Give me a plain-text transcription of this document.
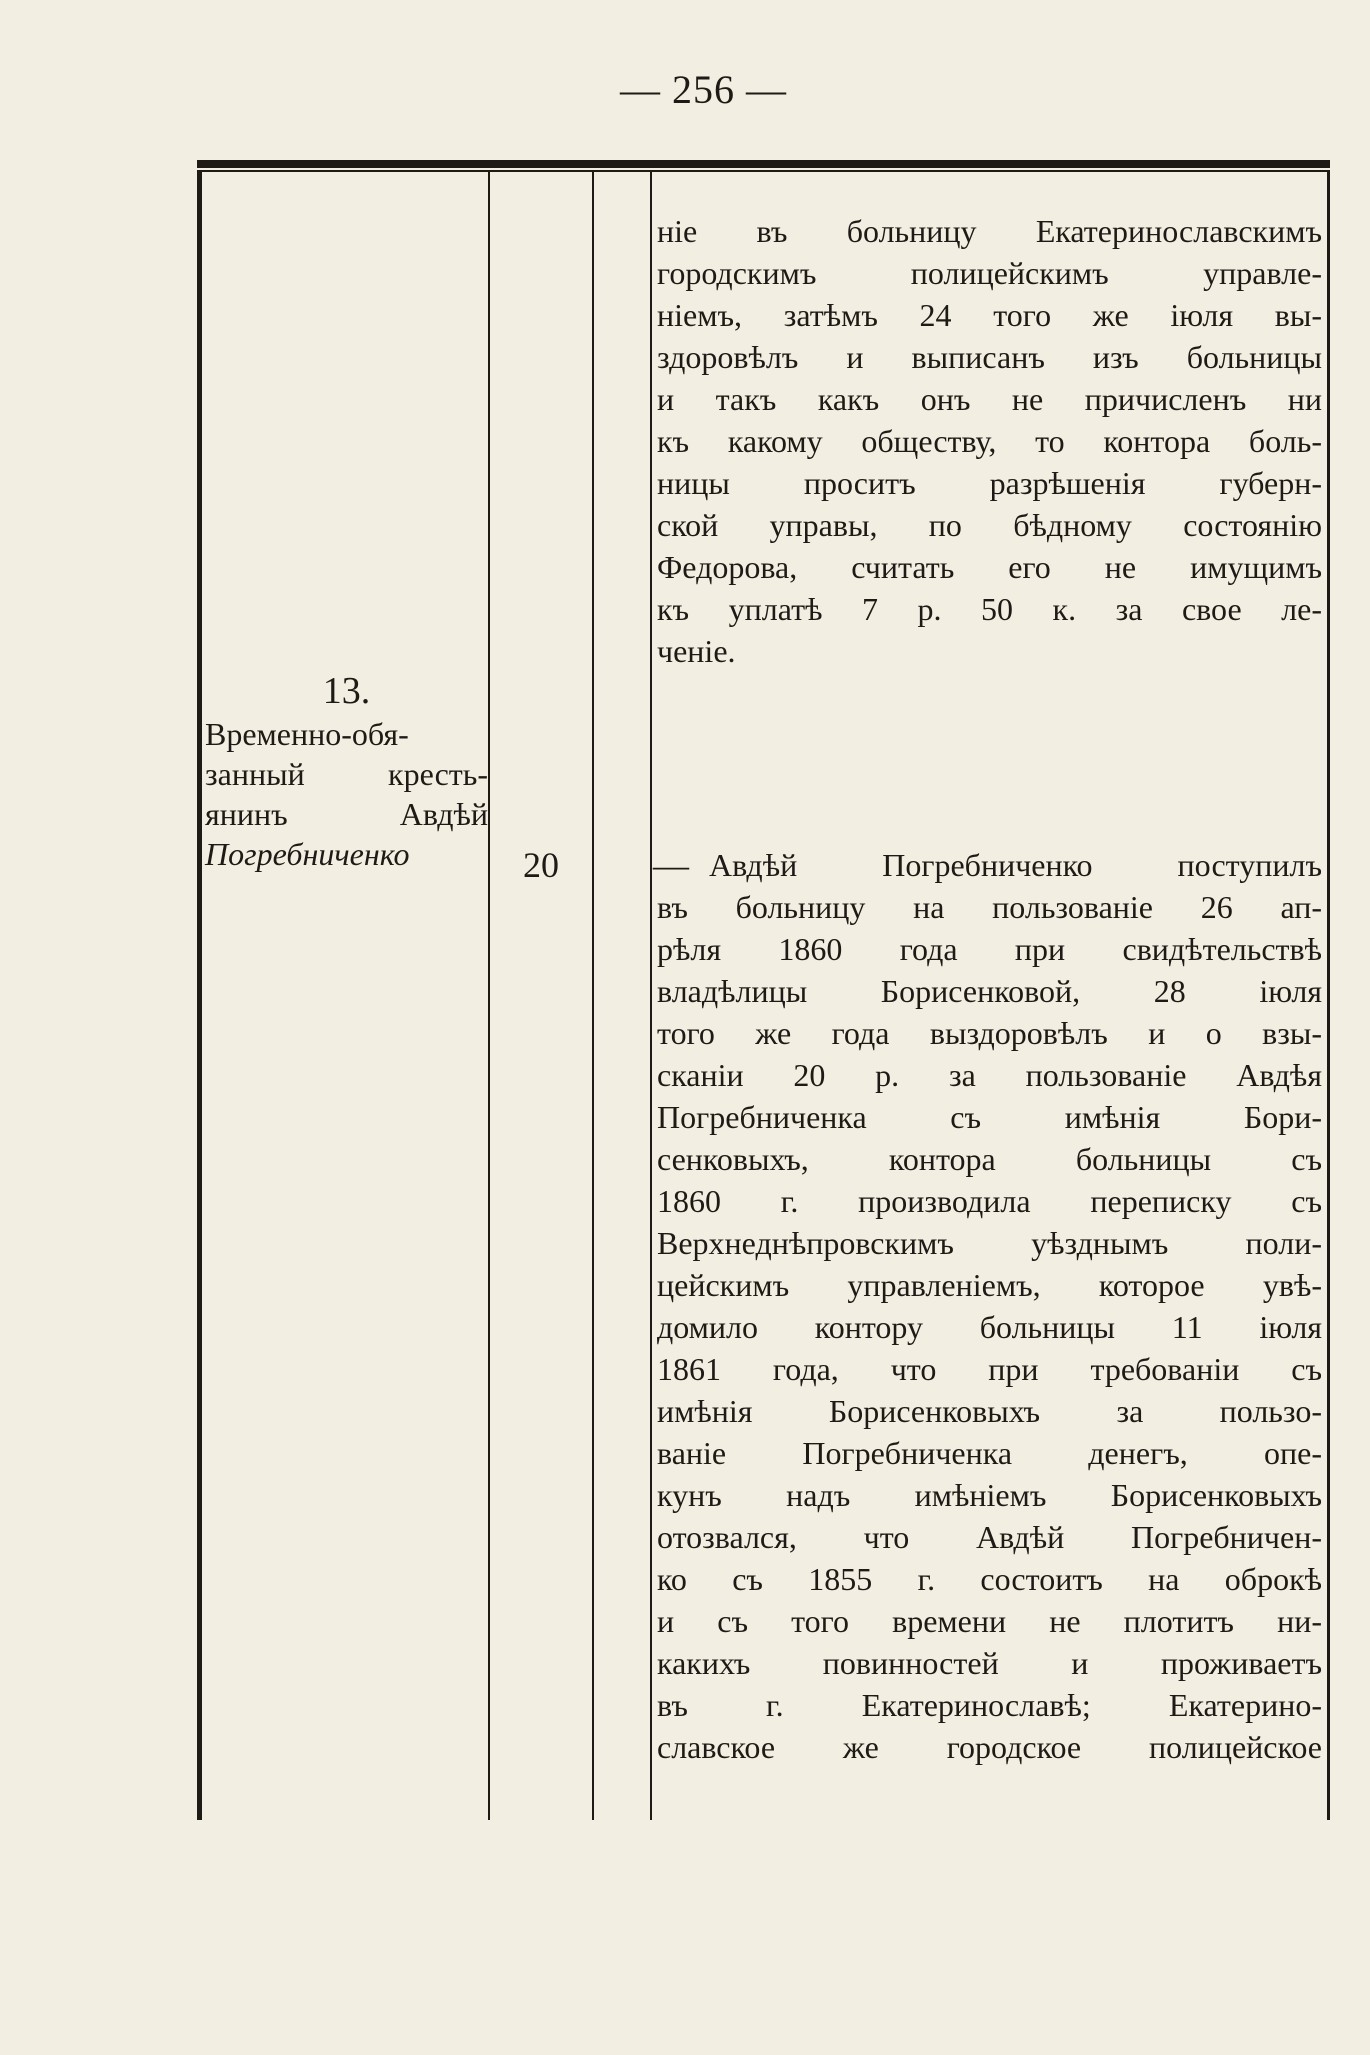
— 256 —
13.
Временно-обя-
занный кресть-
янинъ Авдѣй
Погребниченко	20	—
ніе въ больницу Екатеринославскимъ
городскимъ полицейскимъ управле-
ніемъ, затѣмъ 24 того же іюля вы-
здоровѣлъ и выписанъ изъ больницы
и такъ какъ онъ не причисленъ ни
къ какому обществу, то контора боль-
ницы проситъ разрѣшенія губерн-
ской управы, по бѣдному состоянію
Федорова, считать его не имущимъ
къ уплатѣ 7 р. 50 к. за свое ле-
ченіе.
Авдѣй Погребниченко поступилъ
въ больницу на пользованіе 26 ап-
рѣля 1860 года при свидѣтельствѣ
владѣлицы Борисенковой, 28 іюля
того же года выздоровѣлъ и о взы-
сканіи 20 р. за пользованіе Авдѣя
Погребниченка съ имѣнія Бори-
сенковыхъ, контора больницы съ
1860 г. производила переписку съ
Верхнеднѣпровскимъ уѣзднымъ поли-
цейскимъ управленіемъ, которое увѣ-
домило контору больницы 11 іюля
1861 года, что при требованіи съ
имѣнія Борисенковыхъ за пользо-
ваніе Погребниченка денегъ, опе-
кунъ надъ имѣніемъ Борисенковыхъ
отозвался, что Авдѣй Погребничен-
ко съ 1855 г. состоитъ на оброкѣ
и съ того времени не плотитъ ни-
какихъ повинностей и проживаетъ
въ г. Екатеринославѣ; Екатерино-
славское же городское полицейское
